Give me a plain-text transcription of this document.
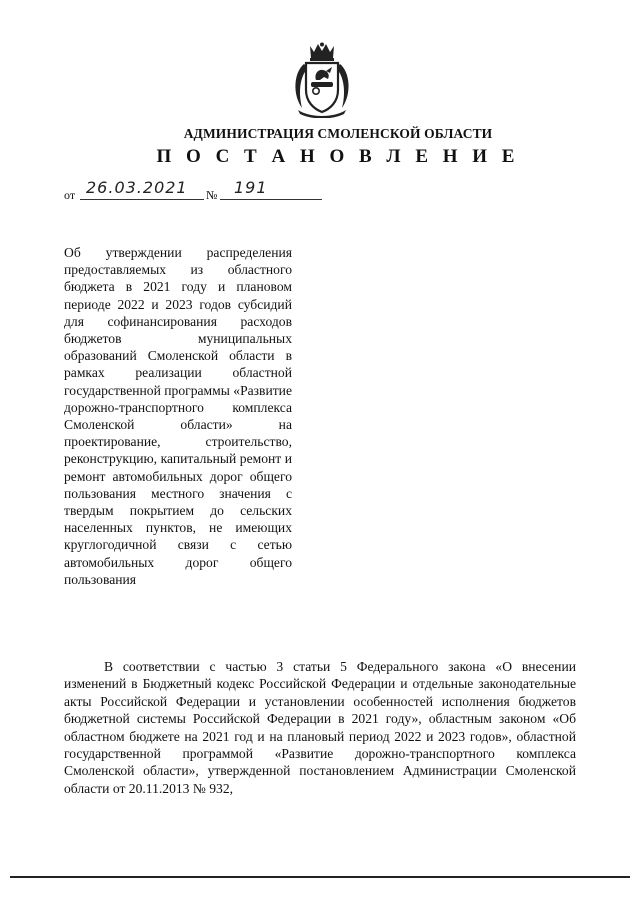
АДМИНИСТРАЦИЯ СМОЛЕНСКОЙ ОБЛАСТИ
П О С Т А Н О В Л Е Н И Е
от 26.03.2021 № 191
Об утверждении распределения предоставляемых из областного бюджета в 2021 году и плановом периоде 2022 и 2023 годов субсидий для софинансирования расходов бюджетов муниципальных образований Смоленской области в рамках реализации областной государственной программы «Развитие дорожно-транспортного комплекса Смоленской области» на проектирование, строительство, реконструкцию, капитальный ремонт и ремонт автомобильных дорог общего пользования местного значения с твердым покрытием до сельских населенных пунктов, не имеющих круглогодичной связи с сетью автомобильных дорог общего пользования
В соответствии с частью 3 статьи 5 Федерального закона «О внесении изменений в Бюджетный кодекс Российской Федерации и отдельные законодательные акты Российской Федерации и установлении особенностей исполнения бюджетов бюджетной системы Российской Федерации в 2021 году», областным законом «Об областном бюджете на 2021 год и на плановый период 2022 и 2023 годов», областной государственной программой «Развитие дорожно-транспортного комплекса Смоленской области», утвержденной постановлением Администрации Смоленской области от 20.11.2013 № 932,
